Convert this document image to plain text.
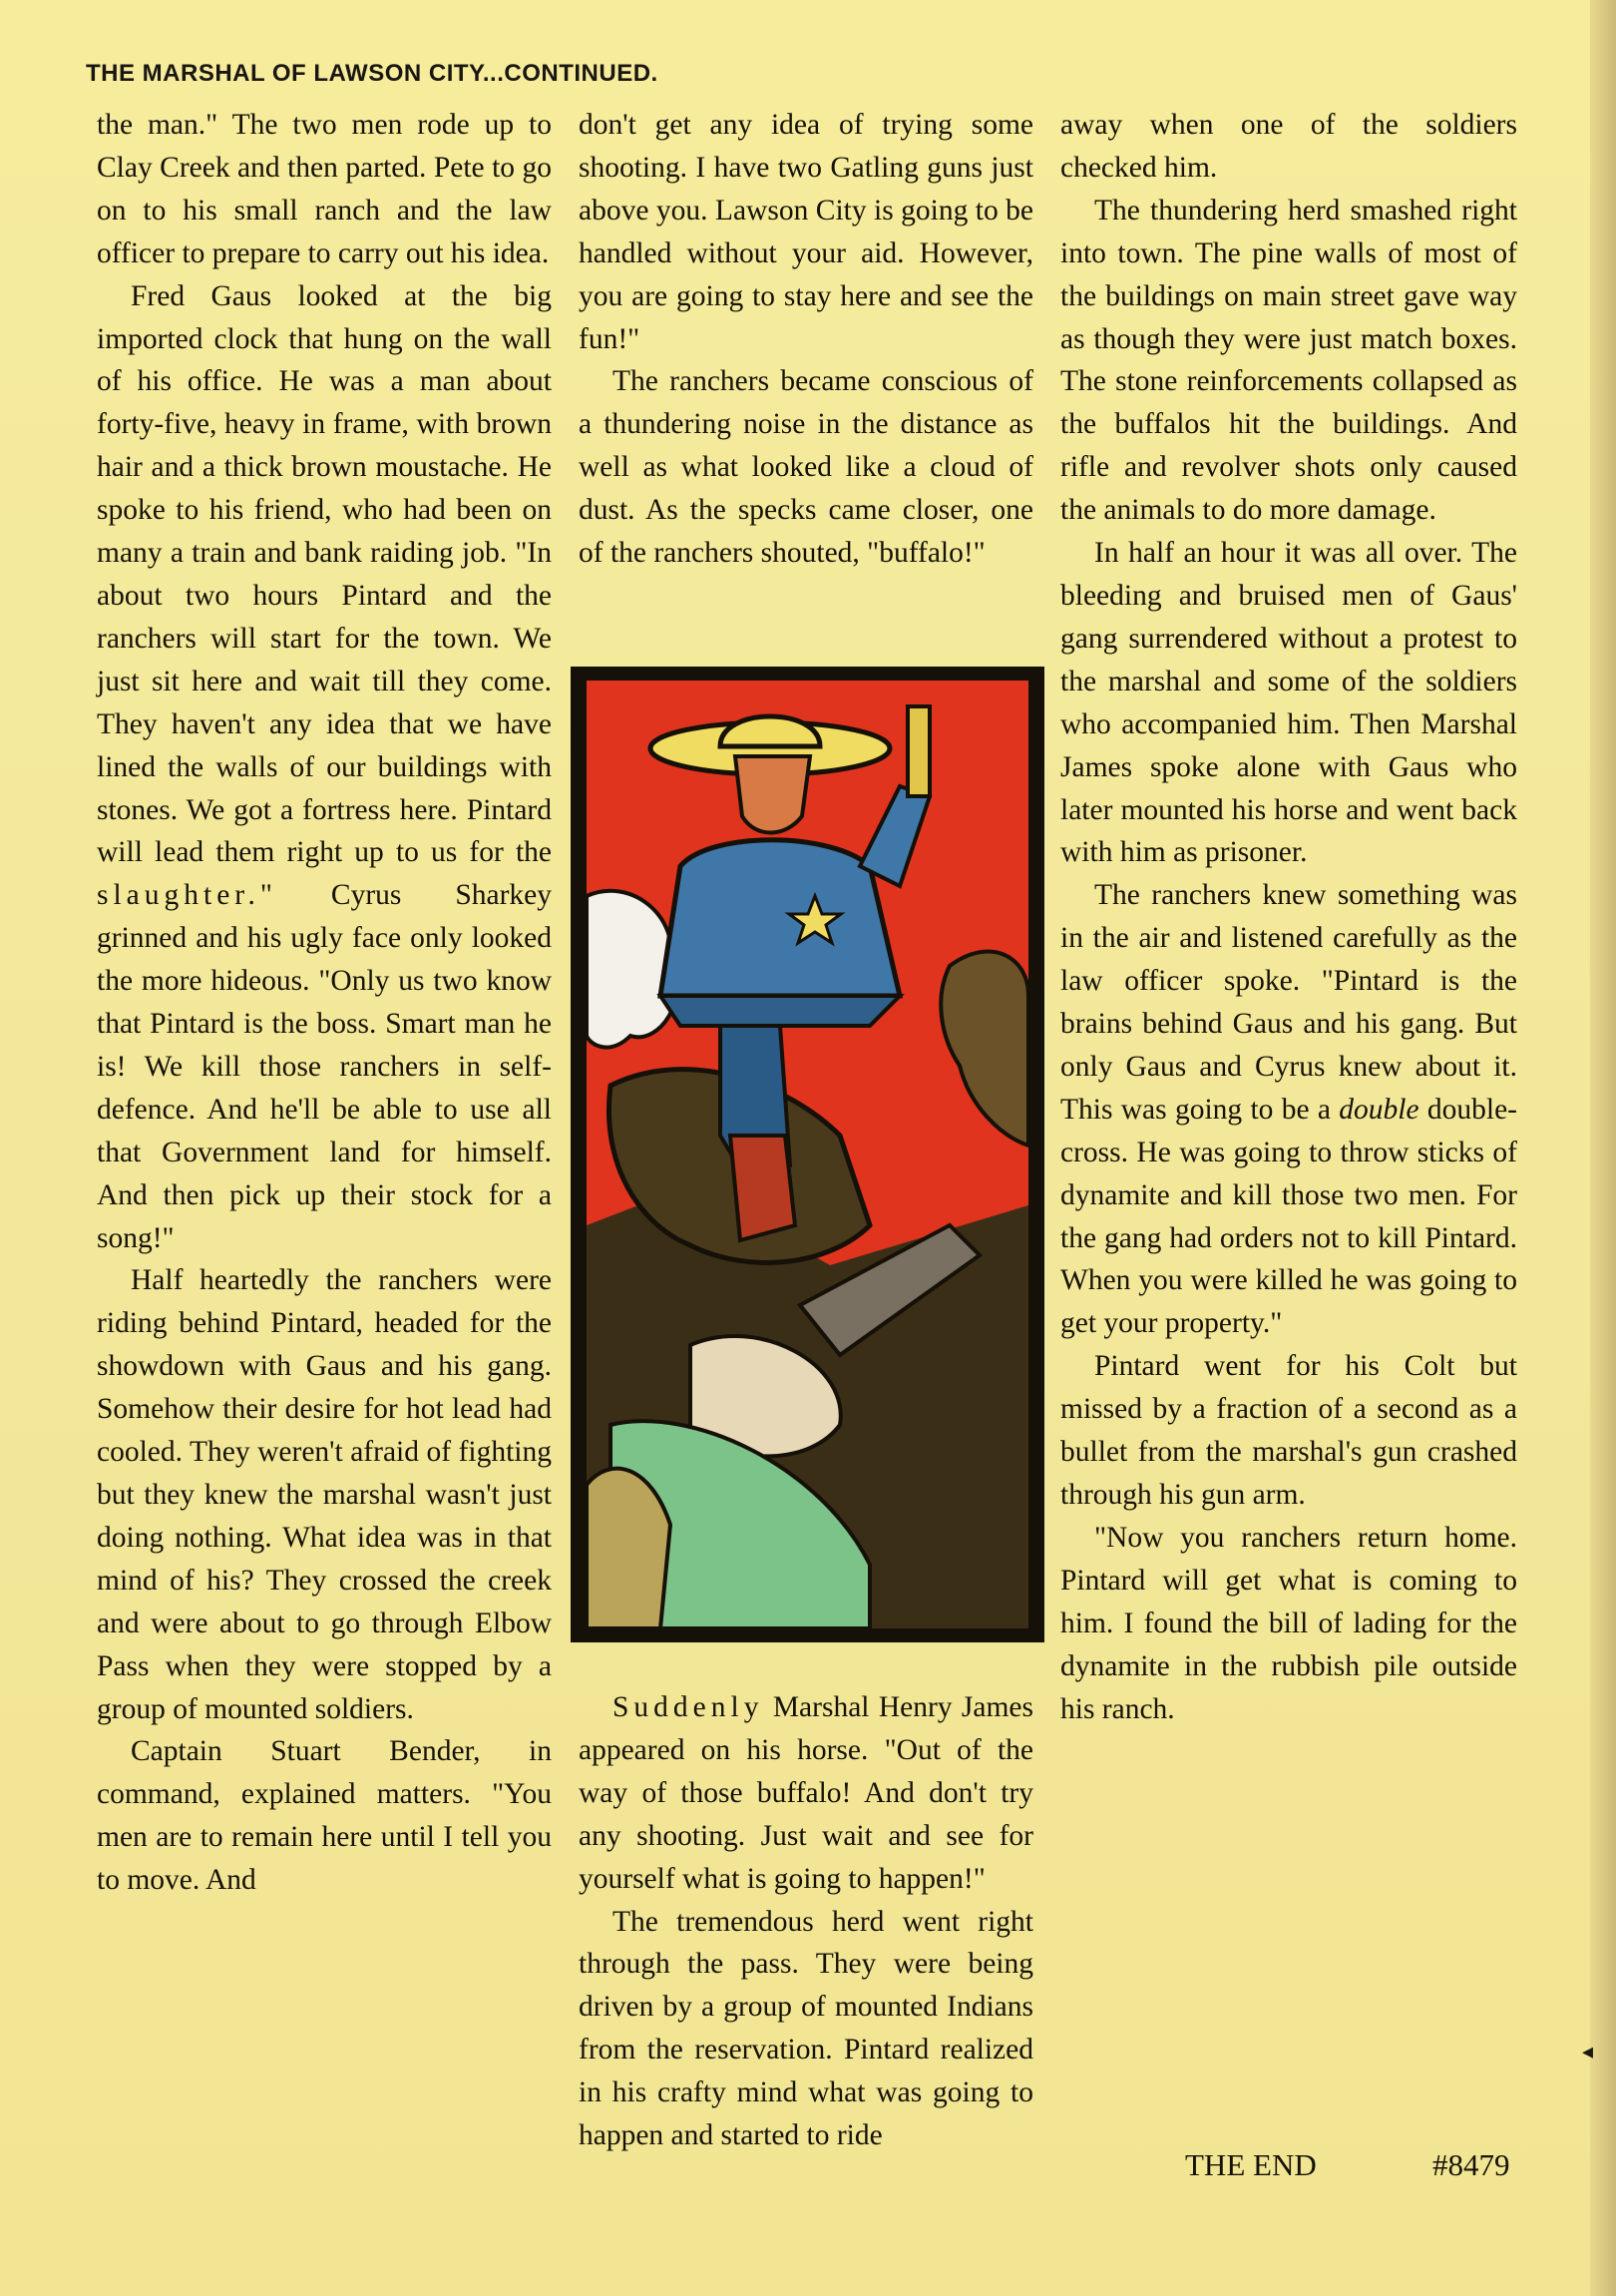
THE MARSHAL OF LAWSON CITY...CONTINUED.

the man." The two men rode up to Clay Creek and then parted. Pete to go on to his small ranch and the law officer to prepare to carry out his idea.

Fred Gaus looked at the big imported clock that hung on the wall of his office. He was a man about forty-five, heavy in frame, with brown hair and a thick brown moustache. He spoke to his friend, who had been on many a train and bank raiding job. "In about two hours Pintard and the ranchers will start for the town. We just sit here and wait till they come. They haven't any idea that we have lined the walls of our buildings with stones. We got a fortress here. Pintard will lead them right up to us for the slaughter." Cyrus Sharkey grinned and his ugly face only looked the more hideous. "Only us two know that Pintard is the boss. Smart man he is! We kill those ranchers in self-defence. And he'll be able to use all that Government land for himself. And then pick up their stock for a song!"

Half heartedly the ranchers were riding behind Pintard, headed for the showdown with Gaus and his gang. Somehow their desire for hot lead had cooled. They weren't afraid of fighting but they knew the marshal wasn't just doing nothing. What idea was in that mind of his? They crossed the creek and were about to go through Elbow Pass when they were stopped by a group of mounted soldiers.

Captain Stuart Bender, in command, explained matters. "You men are to remain here until I tell you to move. And

don't get any idea of trying some shooting. I have two Gatling guns just above you. Lawson City is going to be handled without your aid. However, you are going to stay here and see the fun!"

The ranchers became conscious of a thundering noise in the distance as well as what looked like a cloud of dust. As the specks came closer, one of the ranchers shouted, "buffalo!"

Suddenly Marshal Henry James appeared on his horse. "Out of the way of those buffalo! And don't try any shooting. Just wait and see for yourself what is going to happen!"

The tremendous herd went right through the pass. They were being driven by a group of mounted Indians from the reservation. Pintard realized in his crafty mind what was going to happen and started to ride

away when one of the soldiers checked him.

The thundering herd smashed right into town. The pine walls of most of the buildings on main street gave way as though they were just match boxes. The stone reinforcements collapsed as the buffalos hit the buildings. And rifle and revolver shots only caused the animals to do more damage.

In half an hour it was all over. The bleeding and bruised men of Gaus' gang surrendered without a protest to the marshal and some of the soldiers who accompanied him. Then Marshal James spoke alone with Gaus who later mounted his horse and went back with him as prisoner.

The ranchers knew something was in the air and listened carefully as the law officer spoke. "Pintard is the brains behind Gaus and his gang. But only Gaus and Cyrus knew about it. This was going to be a double double-cross. He was going to throw sticks of dynamite and kill those two men. For the gang had orders not to kill Pintard. When you were killed he was going to get your property."

Pintard went for his Colt but missed by a fraction of a second as a bullet from the marshal's gun crashed through his gun arm.

"Now you ranchers return home. Pintard will get what is coming to him. I found the bill of lading for the dynamite in the rubbish pile outside his ranch.

THE END	#8479
◂
